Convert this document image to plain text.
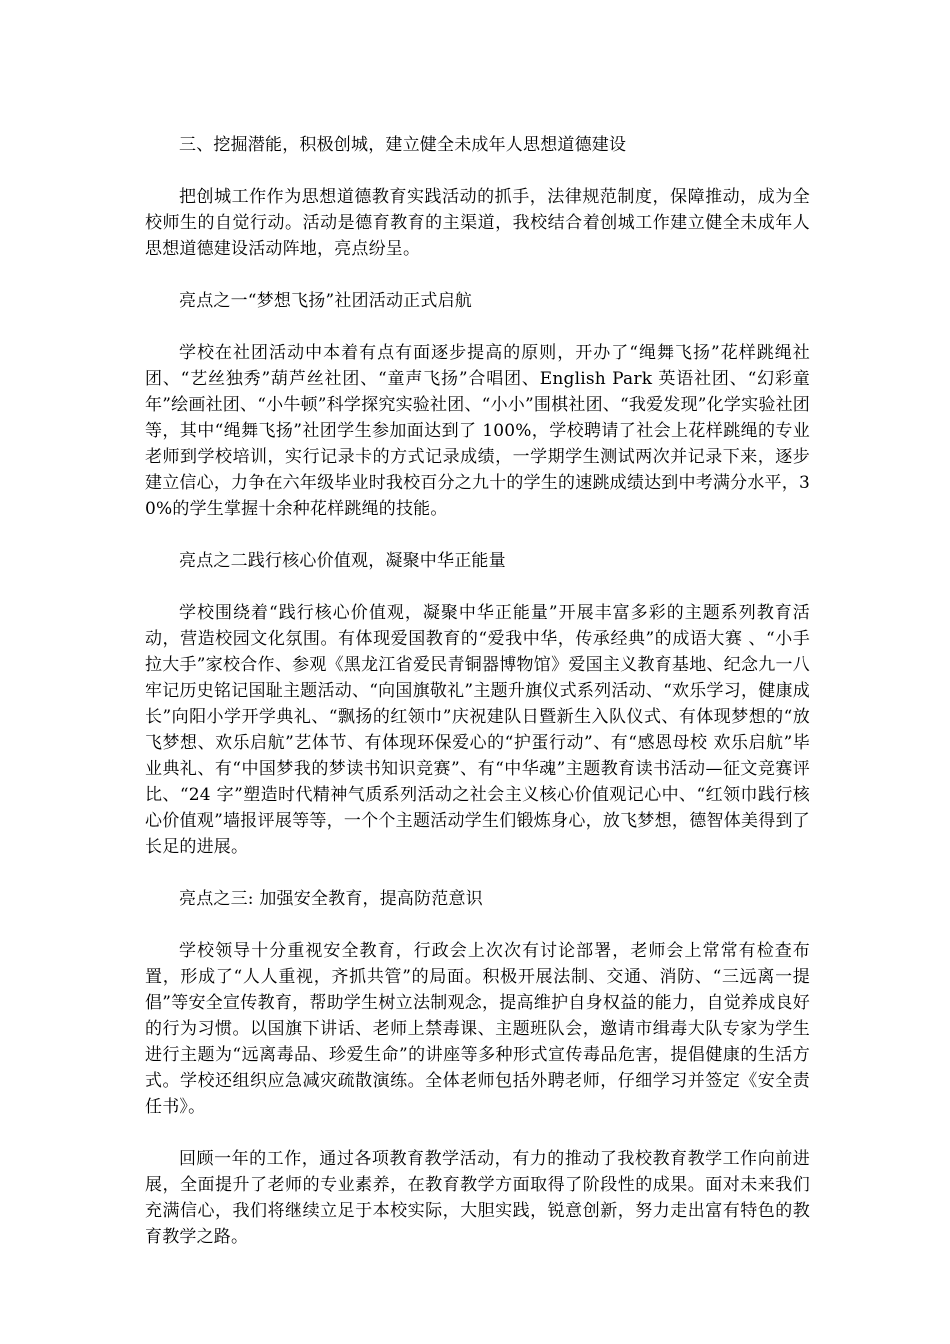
三、挖掘潜能，积极创城，建立健全未成年人思想道德建设

把创城工作作为思想道德教育实践活动的抓手，法律规范制度，保障推动，成为全校师生的自觉行动。活动是德育教育的主渠道，我校结合着创城工作建立健全未成年人思想道德建设活动阵地，亮点纷呈。

亮点之一“梦想飞扬”社团活动正式启航

学校在社团活动中本着有点有面逐步提高的原则，开办了“绳舞飞扬”花样跳绳社团、“艺丝独秀”葫芦丝社团、“童声飞扬”合唱团、English Park 英语社团、“幻彩童年”绘画社团、“小牛顿”科学探究实验社团、“小小”围棋社团、“我爱发现”化学实验社团等，其中“绳舞飞扬”社团学生参加面达到了 100%，学校聘请了社会上花样跳绳的专业老师到学校培训，实行记录卡的方式记录成绩，一学期学生测试两次并记录下来，逐步建立信心，力争在六年级毕业时我校百分之九十的学生的速跳成绩达到中考满分水平，30%的学生掌握十余种花样跳绳的技能。

亮点之二践行核心价值观，凝聚中华正能量

学校围绕着“践行核心价值观，凝聚中华正能量”开展丰富多彩的主题系列教育活动，营造校园文化氛围。有体现爱国教育的“爱我中华，传承经典”的成语大赛 、“小手拉大手”家校合作、参观《黑龙江省爱民青铜器博物馆》爱国主义教育基地、纪念九一八牢记历史铭记国耻主题活动、“向国旗敬礼”主题升旗仪式系列活动、“欢乐学习，健康成长”向阳小学开学典礼、“飘扬的红领巾”庆祝建队日暨新生入队仪式、有体现梦想的“放飞梦想、欢乐启航”艺体节、有体现环保爱心的“护蛋行动”、有“感恩母校 欢乐启航”毕业典礼、有“中国梦我的梦读书知识竞赛”、有“中华魂”主题教育读书活动—征文竞赛评比、“24 字”塑造时代精神气质系列活动之社会主义核心价值观记心中、“红领巾践行核心价值观”墙报评展等等，一个个主题活动学生们锻炼身心，放飞梦想，德智体美得到了长足的进展。

亮点之三: 加强安全教育，提高防范意识

学校领导十分重视安全教育，行政会上次次有讨论部署，老师会上常常有检查布置，形成了“人人重视，齐抓共管”的局面。积极开展法制、交通、消防、“三远离一提倡”等安全宣传教育，帮助学生树立法制观念，提高维护自身权益的能力，自觉养成良好的行为习惯。以国旗下讲话、老师上禁毒课、主题班队会，邀请市缉毒大队专家为学生进行主题为“远离毒品、珍爱生命”的讲座等多种形式宣传毒品危害，提倡健康的生活方式。学校还组织应急减灾疏散演练。全体老师包括外聘老师，仔细学习并签定《安全责任书》。

回顾一年的工作，通过各项教育教学活动，有力的推动了我校教育教学工作向前进展，全面提升了老师的专业素养，在教育教学方面取得了阶段性的成果。面对未来我们充满信心，我们将继续立足于本校实际，大胆实践，锐意创新，努力走出富有特色的教育教学之路。
